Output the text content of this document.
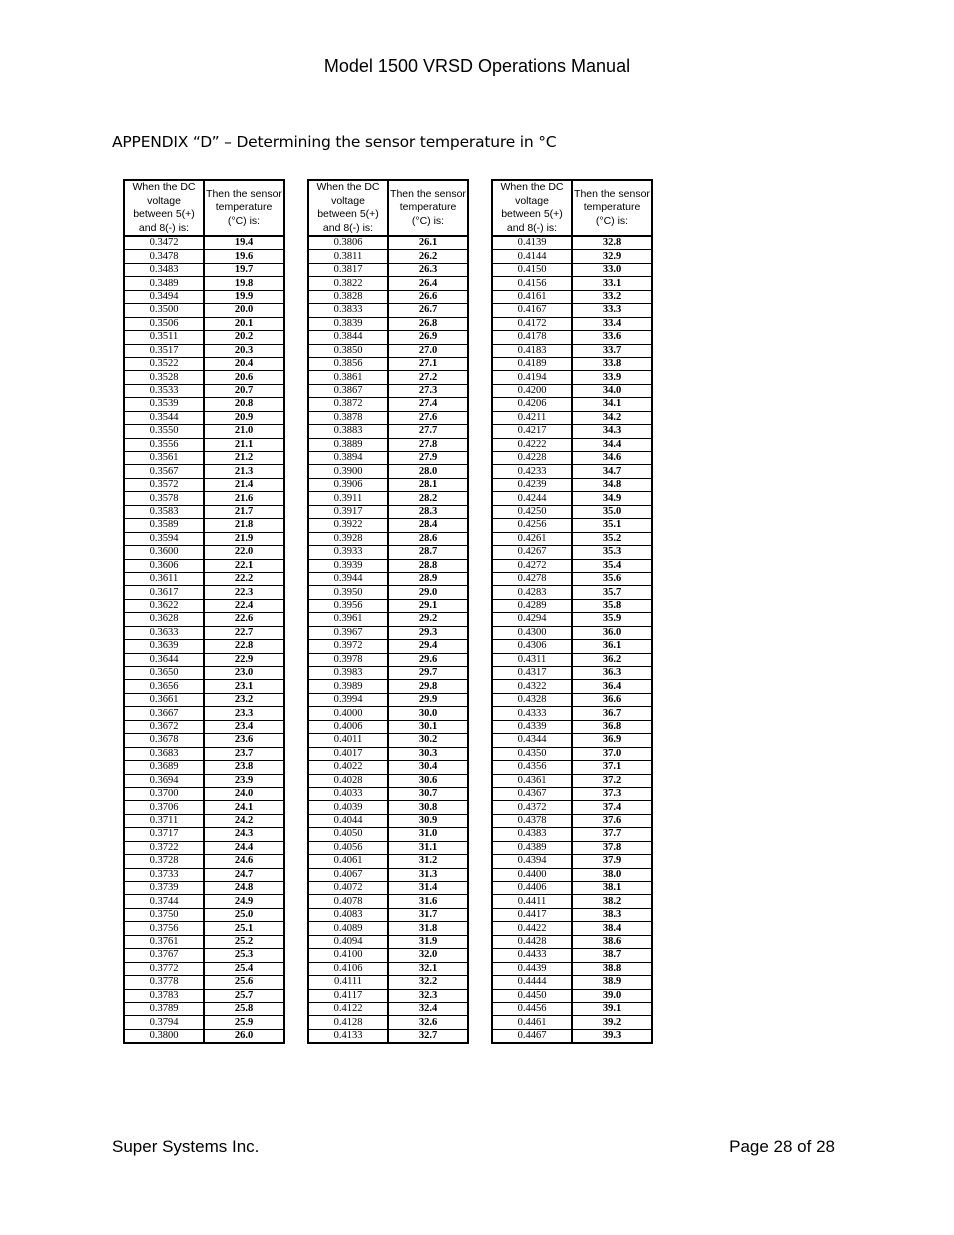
Model 1500 VRSD Operations Manual
APPENDIX “D” – Determining the sensor temperature in °C
When the DC voltage between 5(+) and 8(-) is:	Then the sensor temperature (°C) is:
0.3472	19.4
0.3478	19.6
0.3483	19.7
0.3489	19.8
0.3494	19.9
0.3500	20.0
0.3506	20.1
0.3511	20.2
0.3517	20.3
0.3522	20.4
0.3528	20.6
0.3533	20.7
0.3539	20.8
0.3544	20.9
0.3550	21.0
0.3556	21.1
0.3561	21.2
0.3567	21.3
0.3572	21.4
0.3578	21.6
0.3583	21.7
0.3589	21.8
0.3594	21.9
0.3600	22.0
0.3606	22.1
0.3611	22.2
0.3617	22.3
0.3622	22.4
0.3628	22.6
0.3633	22.7
0.3639	22.8
0.3644	22.9
0.3650	23.0
0.3656	23.1
0.3661	23.2
0.3667	23.3
0.3672	23.4
0.3678	23.6
0.3683	23.7
0.3689	23.8
0.3694	23.9
0.3700	24.0
0.3706	24.1
0.3711	24.2
0.3717	24.3
0.3722	24.4
0.3728	24.6
0.3733	24.7
0.3739	24.8
0.3744	24.9
0.3750	25.0
0.3756	25.1
0.3761	25.2
0.3767	25.3
0.3772	25.4
0.3778	25.6
0.3783	25.7
0.3789	25.8
0.3794	25.9
0.3800	26.0
When the DC voltage between 5(+) and 8(-) is:	Then the sensor temperature (°C) is:
0.3806	26.1
0.3811	26.2
0.3817	26.3
0.3822	26.4
0.3828	26.6
0.3833	26.7
0.3839	26.8
0.3844	26.9
0.3850	27.0
0.3856	27.1
0.3861	27.2
0.3867	27.3
0.3872	27.4
0.3878	27.6
0.3883	27.7
0.3889	27.8
0.3894	27.9
0.3900	28.0
0.3906	28.1
0.3911	28.2
0.3917	28.3
0.3922	28.4
0.3928	28.6
0.3933	28.7
0.3939	28.8
0.3944	28.9
0.3950	29.0
0.3956	29.1
0.3961	29.2
0.3967	29.3
0.3972	29.4
0.3978	29.6
0.3983	29.7
0.3989	29.8
0.3994	29.9
0.4000	30.0
0.4006	30.1
0.4011	30.2
0.4017	30.3
0.4022	30.4
0.4028	30.6
0.4033	30.7
0.4039	30.8
0.4044	30.9
0.4050	31.0
0.4056	31.1
0.4061	31.2
0.4067	31.3
0.4072	31.4
0.4078	31.6
0.4083	31.7
0.4089	31.8
0.4094	31.9
0.4100	32.0
0.4106	32.1
0.4111	32.2
0.4117	32.3
0.4122	32.4
0.4128	32.6
0.4133	32.7
When the DC voltage between 5(+) and 8(-) is:	Then the sensor temperature (°C) is:
0.4139	32.8
0.4144	32.9
0.4150	33.0
0.4156	33.1
0.4161	33.2
0.4167	33.3
0.4172	33.4
0.4178	33.6
0.4183	33.7
0.4189	33.8
0.4194	33.9
0.4200	34.0
0.4206	34.1
0.4211	34.2
0.4217	34.3
0.4222	34.4
0.4228	34.6
0.4233	34.7
0.4239	34.8
0.4244	34.9
0.4250	35.0
0.4256	35.1
0.4261	35.2
0.4267	35.3
0.4272	35.4
0.4278	35.6
0.4283	35.7
0.4289	35.8
0.4294	35.9
0.4300	36.0
0.4306	36.1
0.4311	36.2
0.4317	36.3
0.4322	36.4
0.4328	36.6
0.4333	36.7
0.4339	36.8
0.4344	36.9
0.4350	37.0
0.4356	37.1
0.4361	37.2
0.4367	37.3
0.4372	37.4
0.4378	37.6
0.4383	37.7
0.4389	37.8
0.4394	37.9
0.4400	38.0
0.4406	38.1
0.4411	38.2
0.4417	38.3
0.4422	38.4
0.4428	38.6
0.4433	38.7
0.4439	38.8
0.4444	38.9
0.4450	39.0
0.4456	39.1
0.4461	39.2
0.4467	39.3
Super Systems Inc.	Page 28 of 28
